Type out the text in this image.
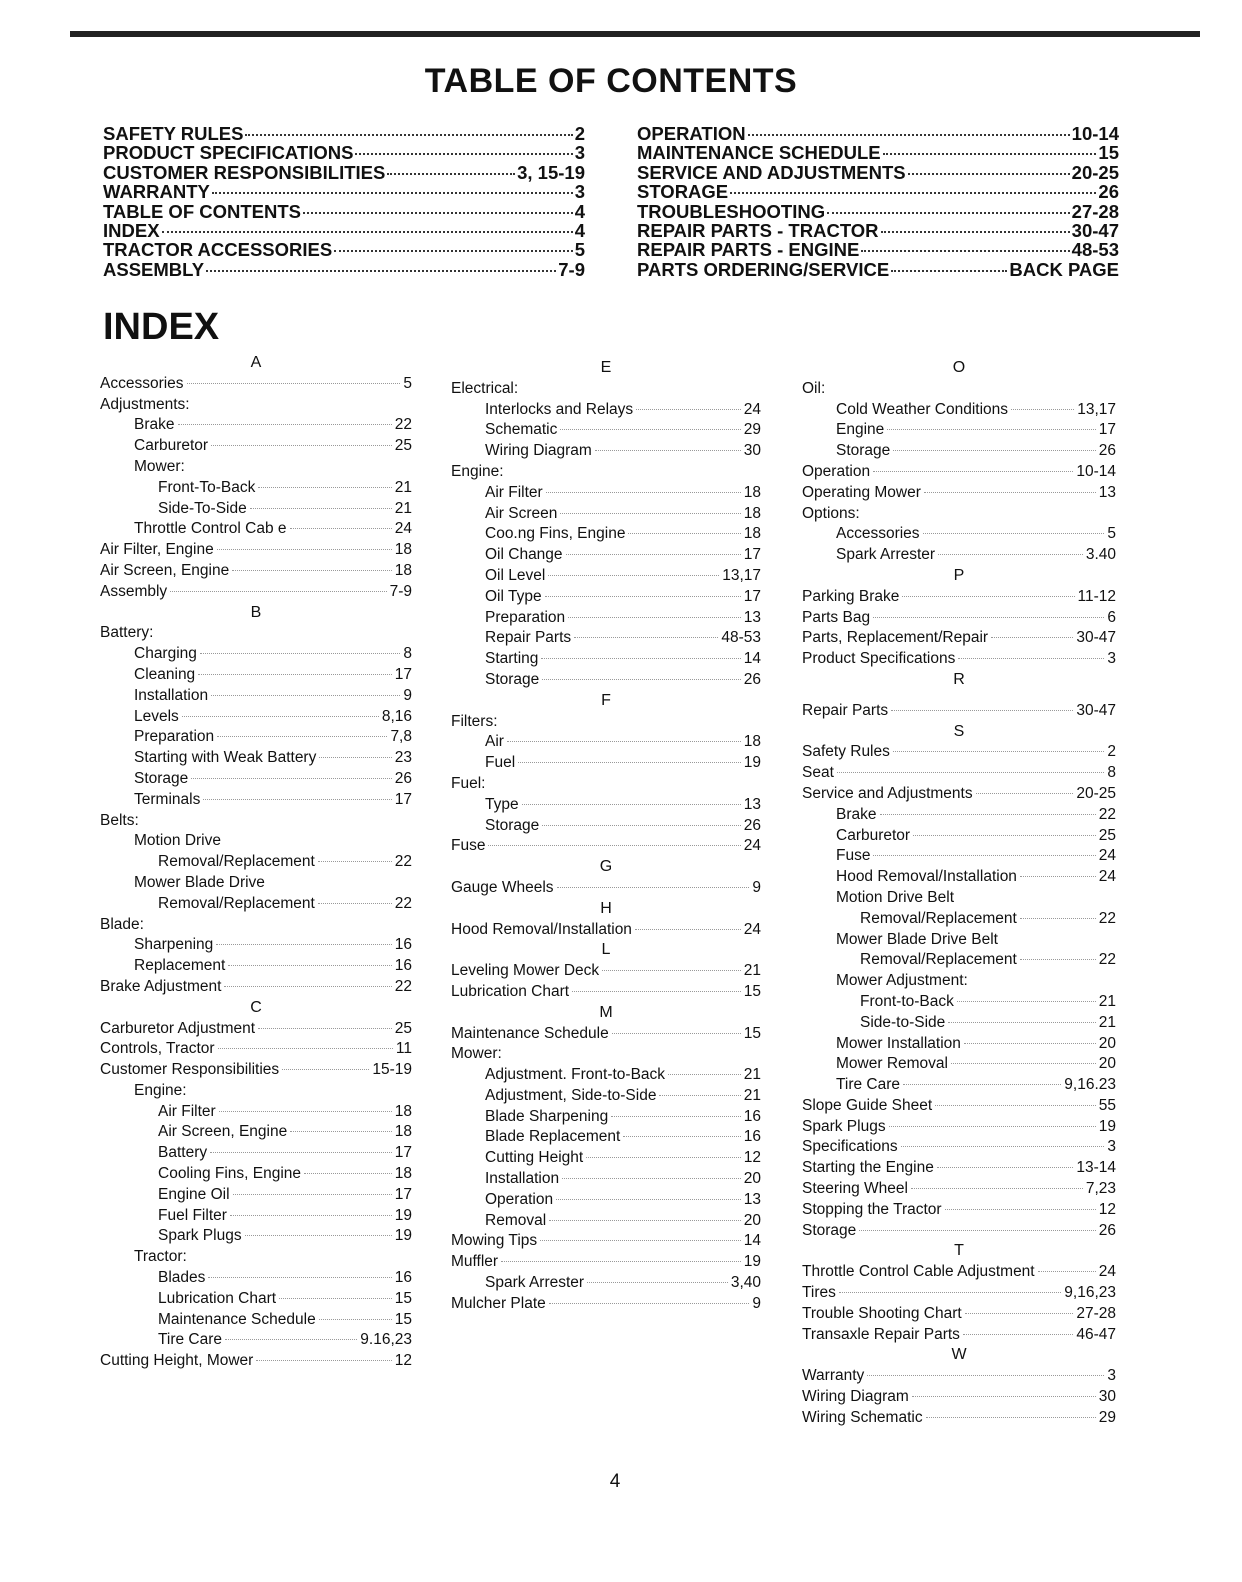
TABLE OF CONTENTS
SAFETY RULES	2
PRODUCT SPECIFICATIONS	3
CUSTOMER RESPONSIBILITIES	3, 15-19
WARRANTY	3
TABLE OF CONTENTS	4
INDEX	4
TRACTOR ACCESSORIES	5
ASSEMBLY	7-9
OPERATION	10-14
MAINTENANCE SCHEDULE	15
SERVICE AND ADJUSTMENTS	20-25
STORAGE	26
TROUBLESHOOTING	27-28
REPAIR PARTS - TRACTOR	30-47
REPAIR PARTS - ENGINE	48-53
PARTS ORDERING/SERVICE	BACK PAGE
INDEX
A
Accessories	5
Adjustments:
Brake	22
Carburetor	25
Mower:
Front-To-Back	21
Side-To-Side	21
Throttle Control Cab e	24
Air Filter, Engine	18
Air Screen, Engine	18
Assembly	7-9
B
Battery:
Charging	8
Cleaning	17
Installation	9
Levels	8,16
Preparation	7,8
Starting with Weak Battery	23
Storage	26
Terminals	17
Belts:
Motion Drive
Removal/Replacement	22
Mower Blade Drive
Removal/Replacement	22
Blade:
Sharpening	16
Replacement	16
Brake Adjustment	22
C
Carburetor Adjustment	25
Controls, Tractor	11
Customer Responsibilities	15-19
Engine:
Air Filter	18
Air Screen, Engine	18
Battery	17
Cooling Fins, Engine	18
Engine Oil	17
Fuel Filter	19
Spark Plugs	19
Tractor:
Blades	16
Lubrication Chart	15
Maintenance Schedule	15
Tire Care	9.16,23
Cutting Height, Mower	12
E
Electrical:
Interlocks and Relays	24
Schematic	29
Wiring Diagram	30
Engine:
Air Filter	18
Air Screen	18
Coo.ng Fins, Engine	18
Oil Change	17
Oil Level	13,17
Oil Type	17
Preparation	13
Repair Parts	48-53
Starting	14
Storage	26
F
Filters:
Air	18
Fuel	19
Fuel:
Type	13
Storage	26
Fuse	24
G
Gauge Wheels	9
H
Hood Removal/Installation	24
L
Leveling Mower Deck	21
Lubrication Chart	15
M
Maintenance Schedule	15
Mower:
Adjustment. Front-to-Back	21
Adjustment, Side-to-Side	21
Blade Sharpening	16
Blade Replacement	16
Cutting Height	12
Installation	20
Operation	13
Removal	20
Mowing Tips	14
Muffler	19
Spark Arrester	3,40
Mulcher Plate	9
O
Oil:
Cold Weather Conditions	13,17
Engine	17
Storage	26
Operation	10-14
Operating Mower	13
Options:
Accessories	5
Spark Arrester	3.40
P
Parking Brake	11-12
Parts Bag	6
Parts, Replacement/Repair	30-47
Product Specifications	3
R
Repair Parts	30-47
S
Safety Rules	2
Seat	8
Service and Adjustments	20-25
Brake	22
Carburetor	25
Fuse	24
Hood Removal/Installation	24
Motion Drive Belt
Removal/Replacement	22
Mower Blade Drive Belt
Removal/Replacement	22
Mower Adjustment:
Front-to-Back	21
Side-to-Side	21
Mower Installation	20
Mower Removal	20
Tire Care	9,16.23
Slope Guide Sheet	55
Spark Plugs	19
Specifications	3
Starting the Engine	13-14
Steering Wheel	7,23
Stopping the Tractor	12
Storage	26
T
Throttle Control Cable Adjustment	24
Tires	9,16,23
Trouble Shooting Chart	27-28
Transaxle Repair Parts	46-47
W
Warranty	3
Wiring Diagram	30
Wiring Schematic	29
4
